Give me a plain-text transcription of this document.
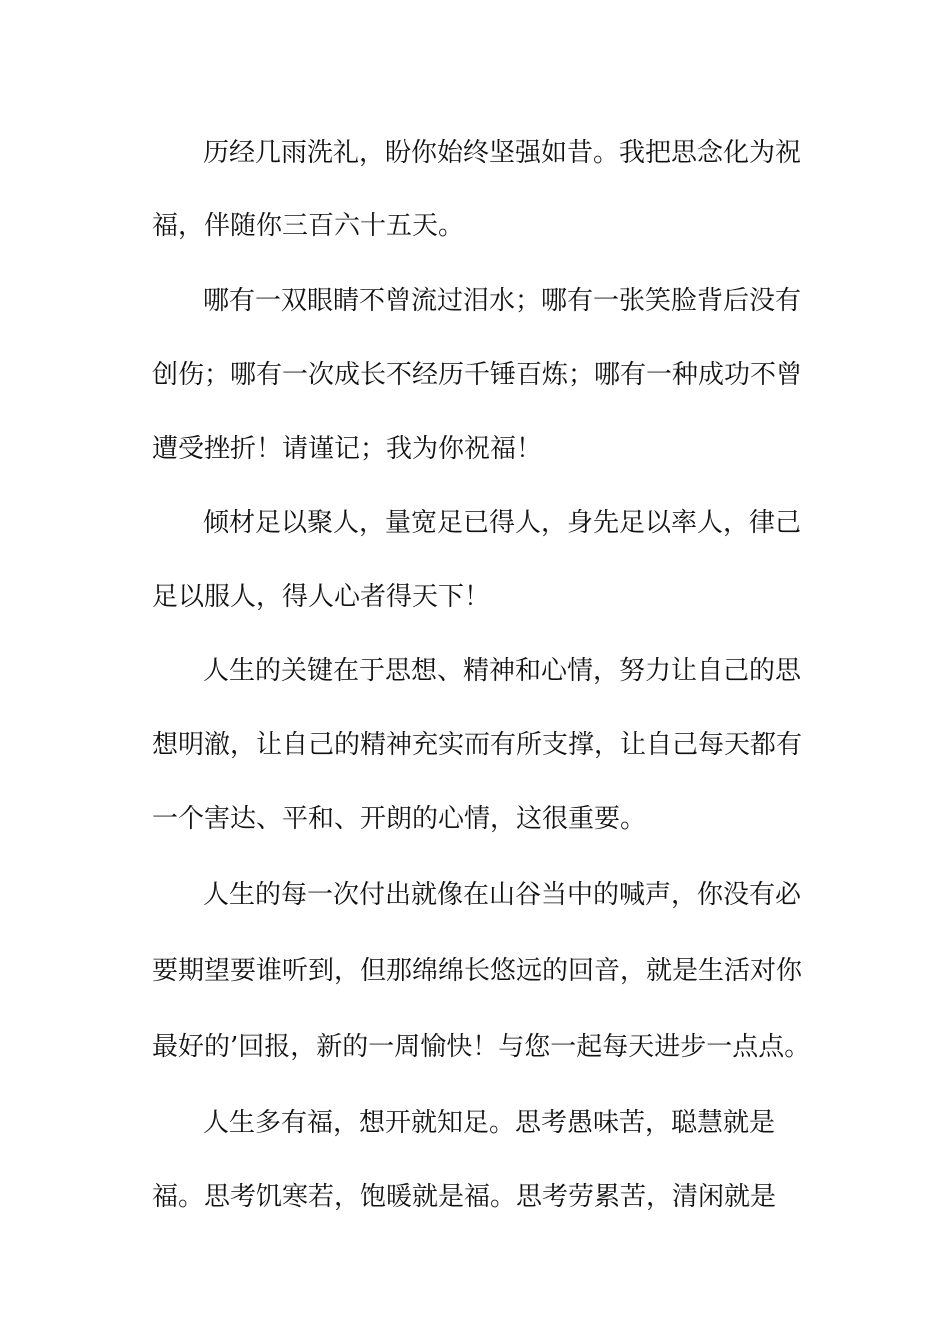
历经几雨洗礼，盼你始终坚强如昔。我把思念化为祝
福，伴随你三百六十五天。
哪有一双眼睛不曾流过泪水；哪有一张笑脸背后没有
创伤；哪有一次成长不经历千锤百炼；哪有一种成功不曾
遭受挫折！请谨记；我为你祝福！
倾材足以聚人，量宽足已得人，身先足以率人，律己
足以服人，得人心者得天下！
人生的关键在于思想、精神和心情，努力让自己的思
想明澈，让自己的精神充实而有所支撑，让自己每天都有
一个害达、平和、开朗的心情，这很重要。
人生的每一次付出就像在山谷当中的喊声，你没有必
要期望要谁听到，但那绵绵长悠远的回音，就是生活对你
最好的’回报，新的一周愉快！与您一起每天进步一点点。
人生多有福，想开就知足。思考愚味苦，聪慧就是
福。思考饥寒若，饱暖就是福。思考劳累苦，清闲就是
